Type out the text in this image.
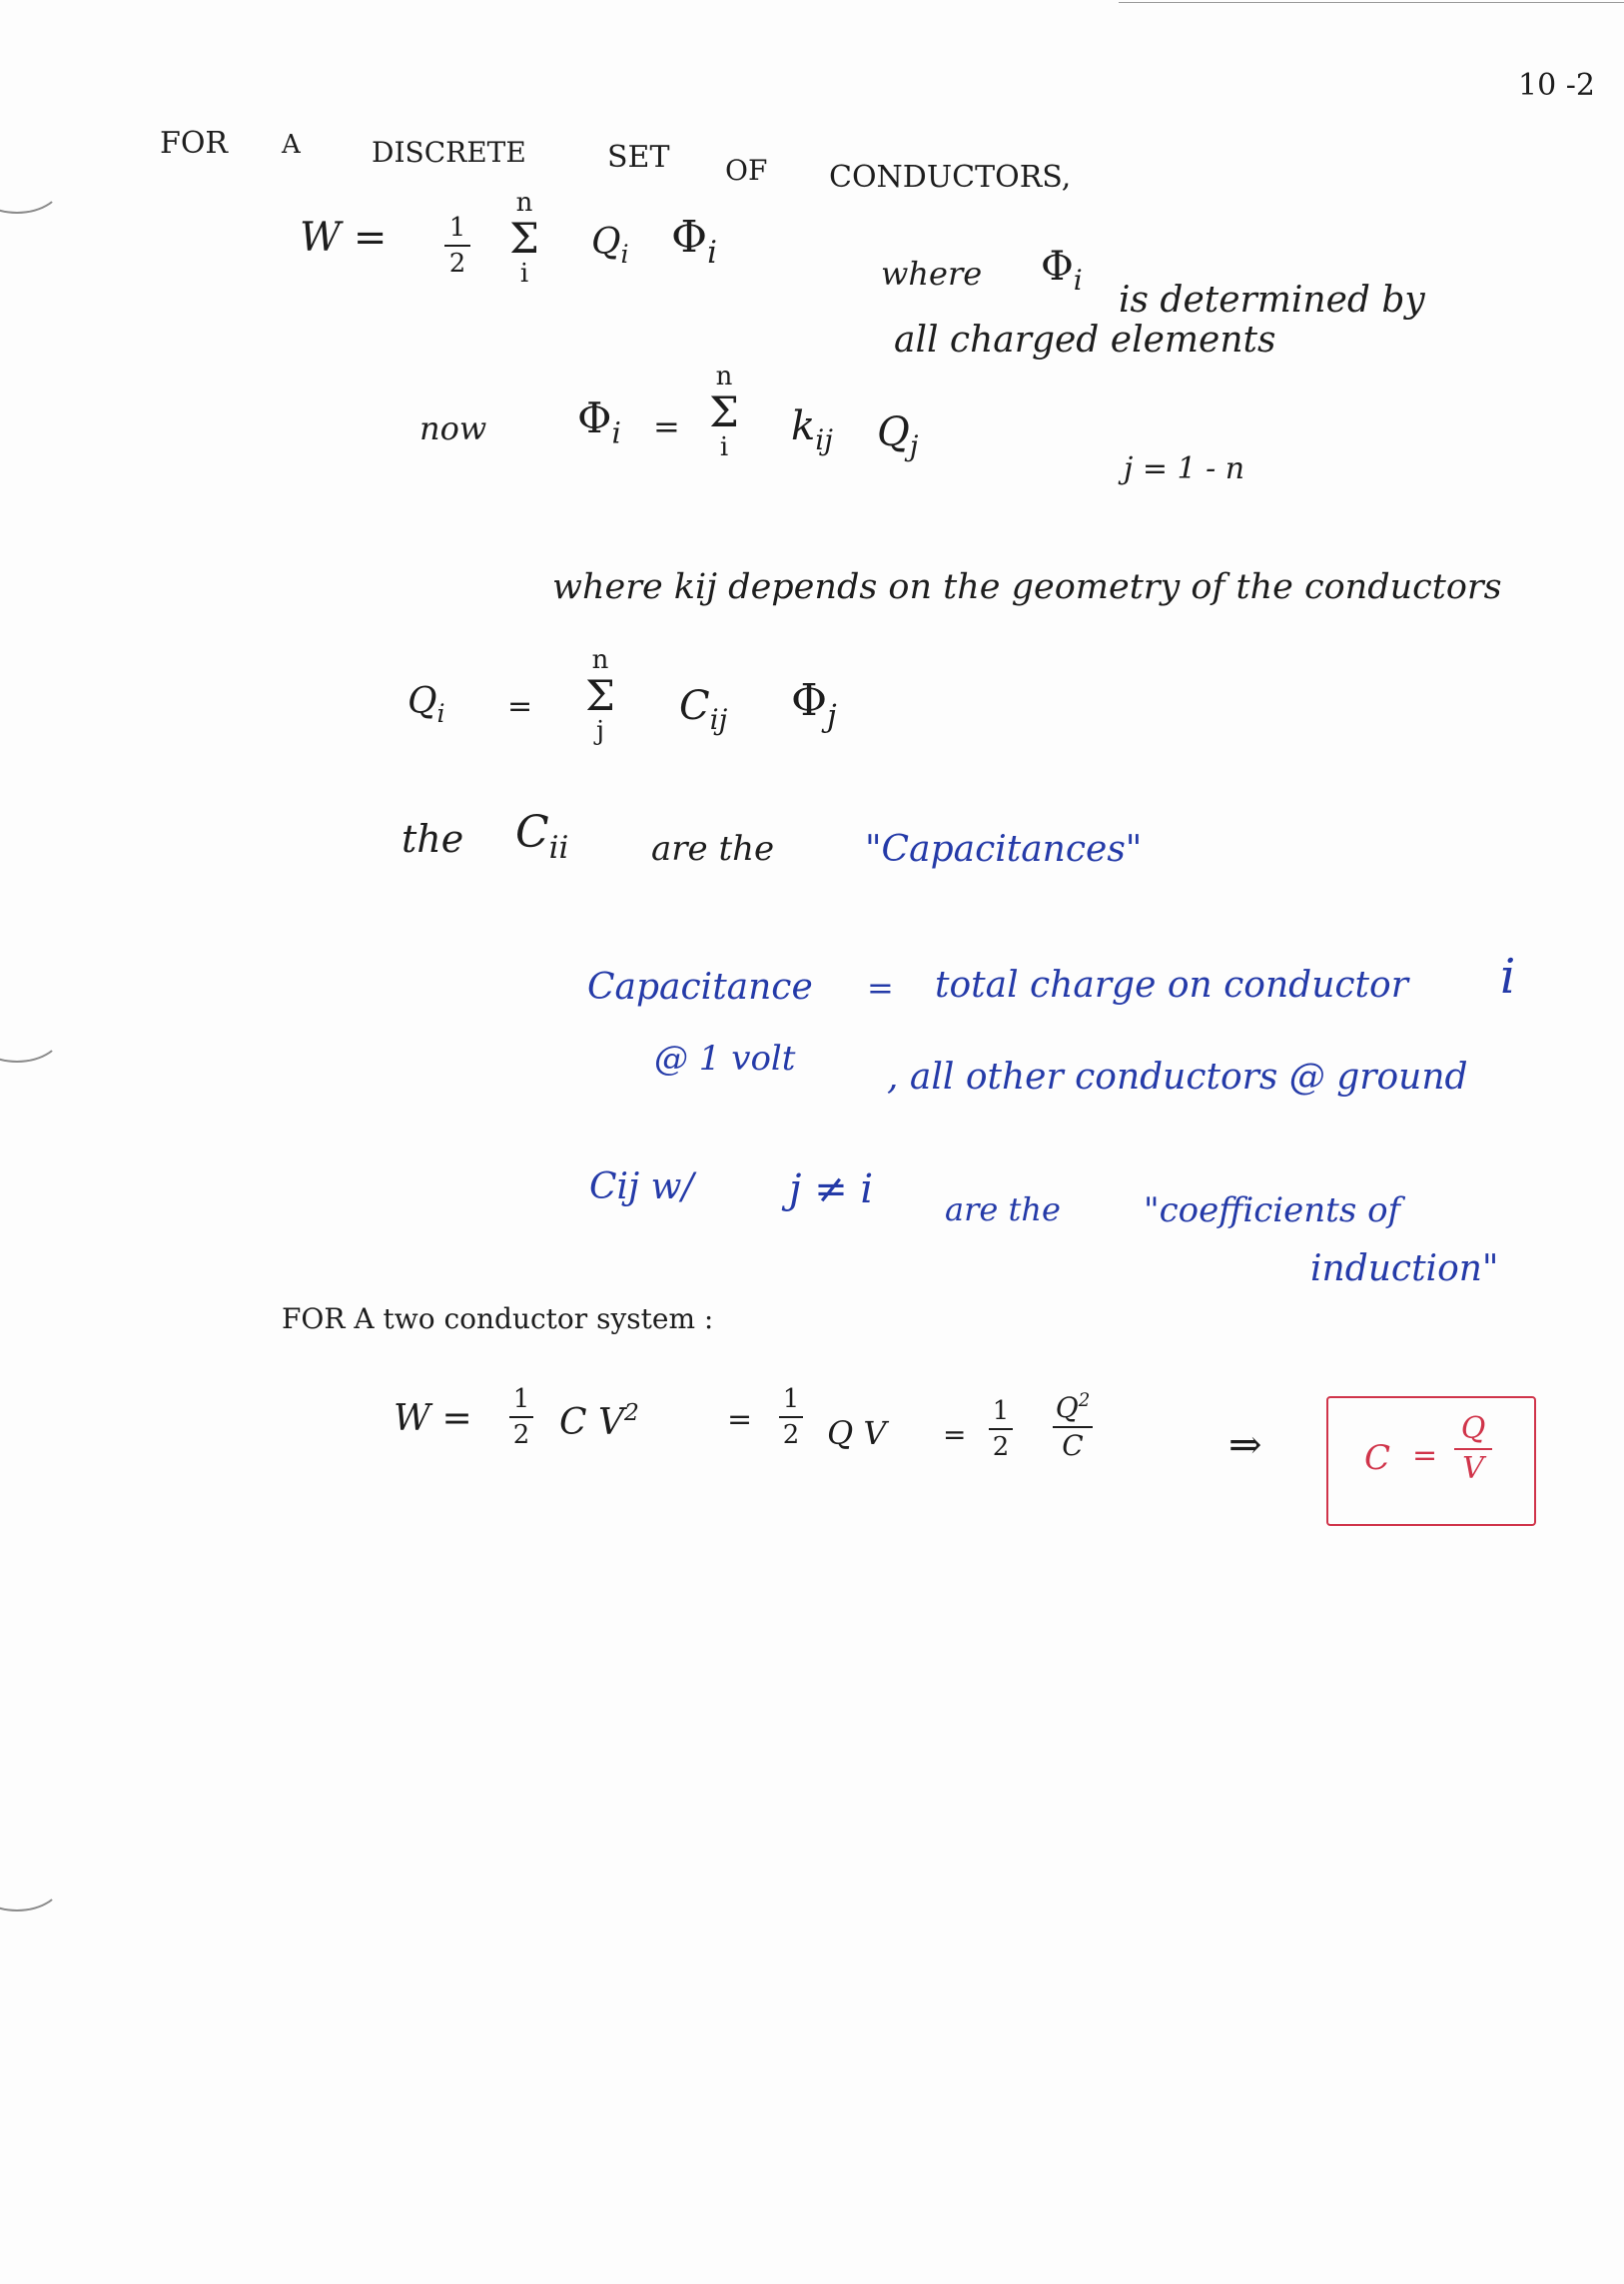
10 -2
FOR A	DISCRETE	SET OF CONDUCTORS,
W = 1
2
n
Σ
i
$Q_i$ $\Phi_i$
where $\Phi_i$ is determined by
all charged elements
now $\Phi_i$ =
n
Σ
i	$k_{ij}$ $Q_j$
j = 1 - n
where kij depends on the geometry of the conductors
$Q_i$ =
n
Σ
j
$C_{ij}$ $\Phi_j$
the $C_{ii}$ are the	"Capacitances"
Capacitance = total charge on conductor i
@ 1 volt	, all other conductors @ ground
Cij w/ j ≠ i are the "coefficients of
induction"
FOR A two conductor system :
W = 1
2 C $V^2$	=
1
2 Q V =
1
2
$Q^2$
C	⇒	C =
Q
V
